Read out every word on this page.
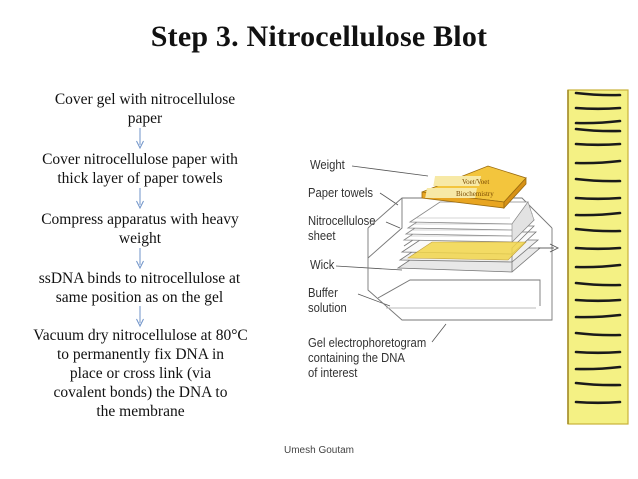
Step 3. Nitrocellulose Blot
Cover gel with nitrocellulose
paper
Cover nitrocellulose paper with
thick layer of paper towels
Compress apparatus with heavy
weight
ssDNA binds to nitrocellulose at
same position as on the gel
Vacuum dry nitrocellulose at 80°C
to permanently fix DNA in
place or cross link (via
covalent bonds) the DNA to
the membrane
Weight
Paper towels
Nitrocellulose
sheet
Wick
Buffer
solution
Gel electrophoretogram
containing the DNA
of interest
Voet/Voet
Biochemistry
Umesh Goutam
